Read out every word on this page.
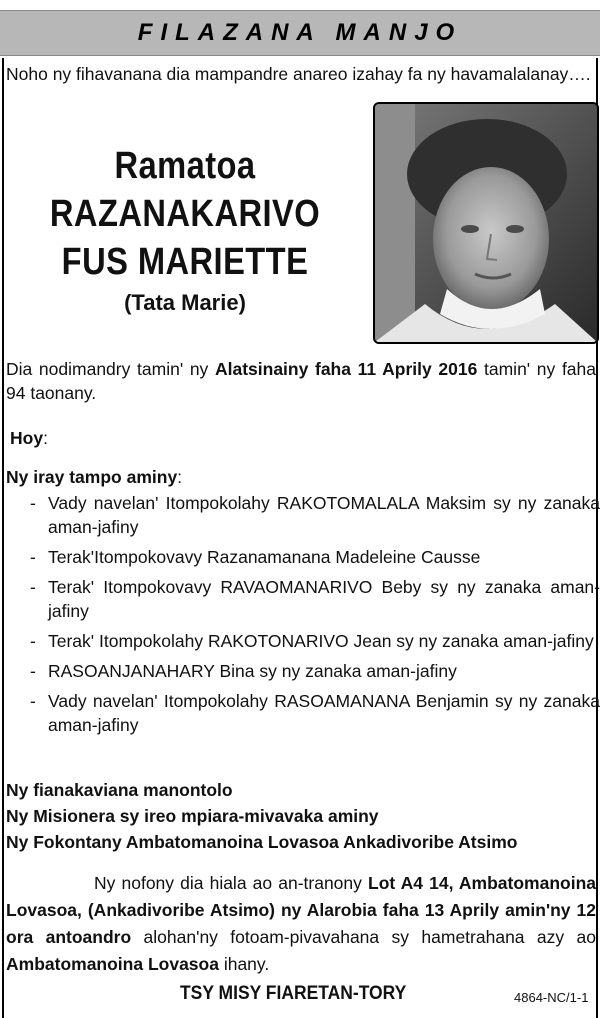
FILAZANA MANJO
Noho ny fihavanana dia mampandre anareo izahay fa ny havamalalanay….
Ramatoa
RAZANAKARIVO
FUS MARIETTE
(Tata Marie)
Dia nodimandry tamin' ny Alatsinainy faha 11 Aprily 2016 tamin' ny faha 94 taonany.
Hoy:
Ny iray tampo aminy:
- Vady navelan' Itompokolahy RAKOTOMALALA Maksim sy ny zanaka aman-jafiny
- Terak'Itompokovavy Razanamanana Madeleine Causse
- Terak' Itompokovavy RAVAOMANARIVO Beby sy ny zanaka aman-jafiny
- Terak' Itompokolahy RAKOTONARIVO Jean sy ny zanaka aman-jafiny
- RASOANJANAHARY Bina sy ny zanaka aman-jafiny
- Vady navelan' Itompokolahy RASOAMANANA Benjamin sy ny zanaka aman-jafiny
Ny fianakaviana manontolo
Ny Misionera sy ireo mpiara-mivavaka aminy
Ny Fokontany Ambatomanoina Lovasoa Ankadivoribe Atsimo
Ny nofony dia hiala ao an-tranony Lot A4 14, Ambatomanoina Lovasoa, (Ankadivoribe Atsimo) ny Alarobia faha 13 Aprily amin'ny 12 ora antoandro alohan'ny fotoam-pivavahana sy hametrahana azy ao Ambatomanoina Lovasoa ihany.
TSY MISY FIARETAN-TORY	4864-NC/1-1
